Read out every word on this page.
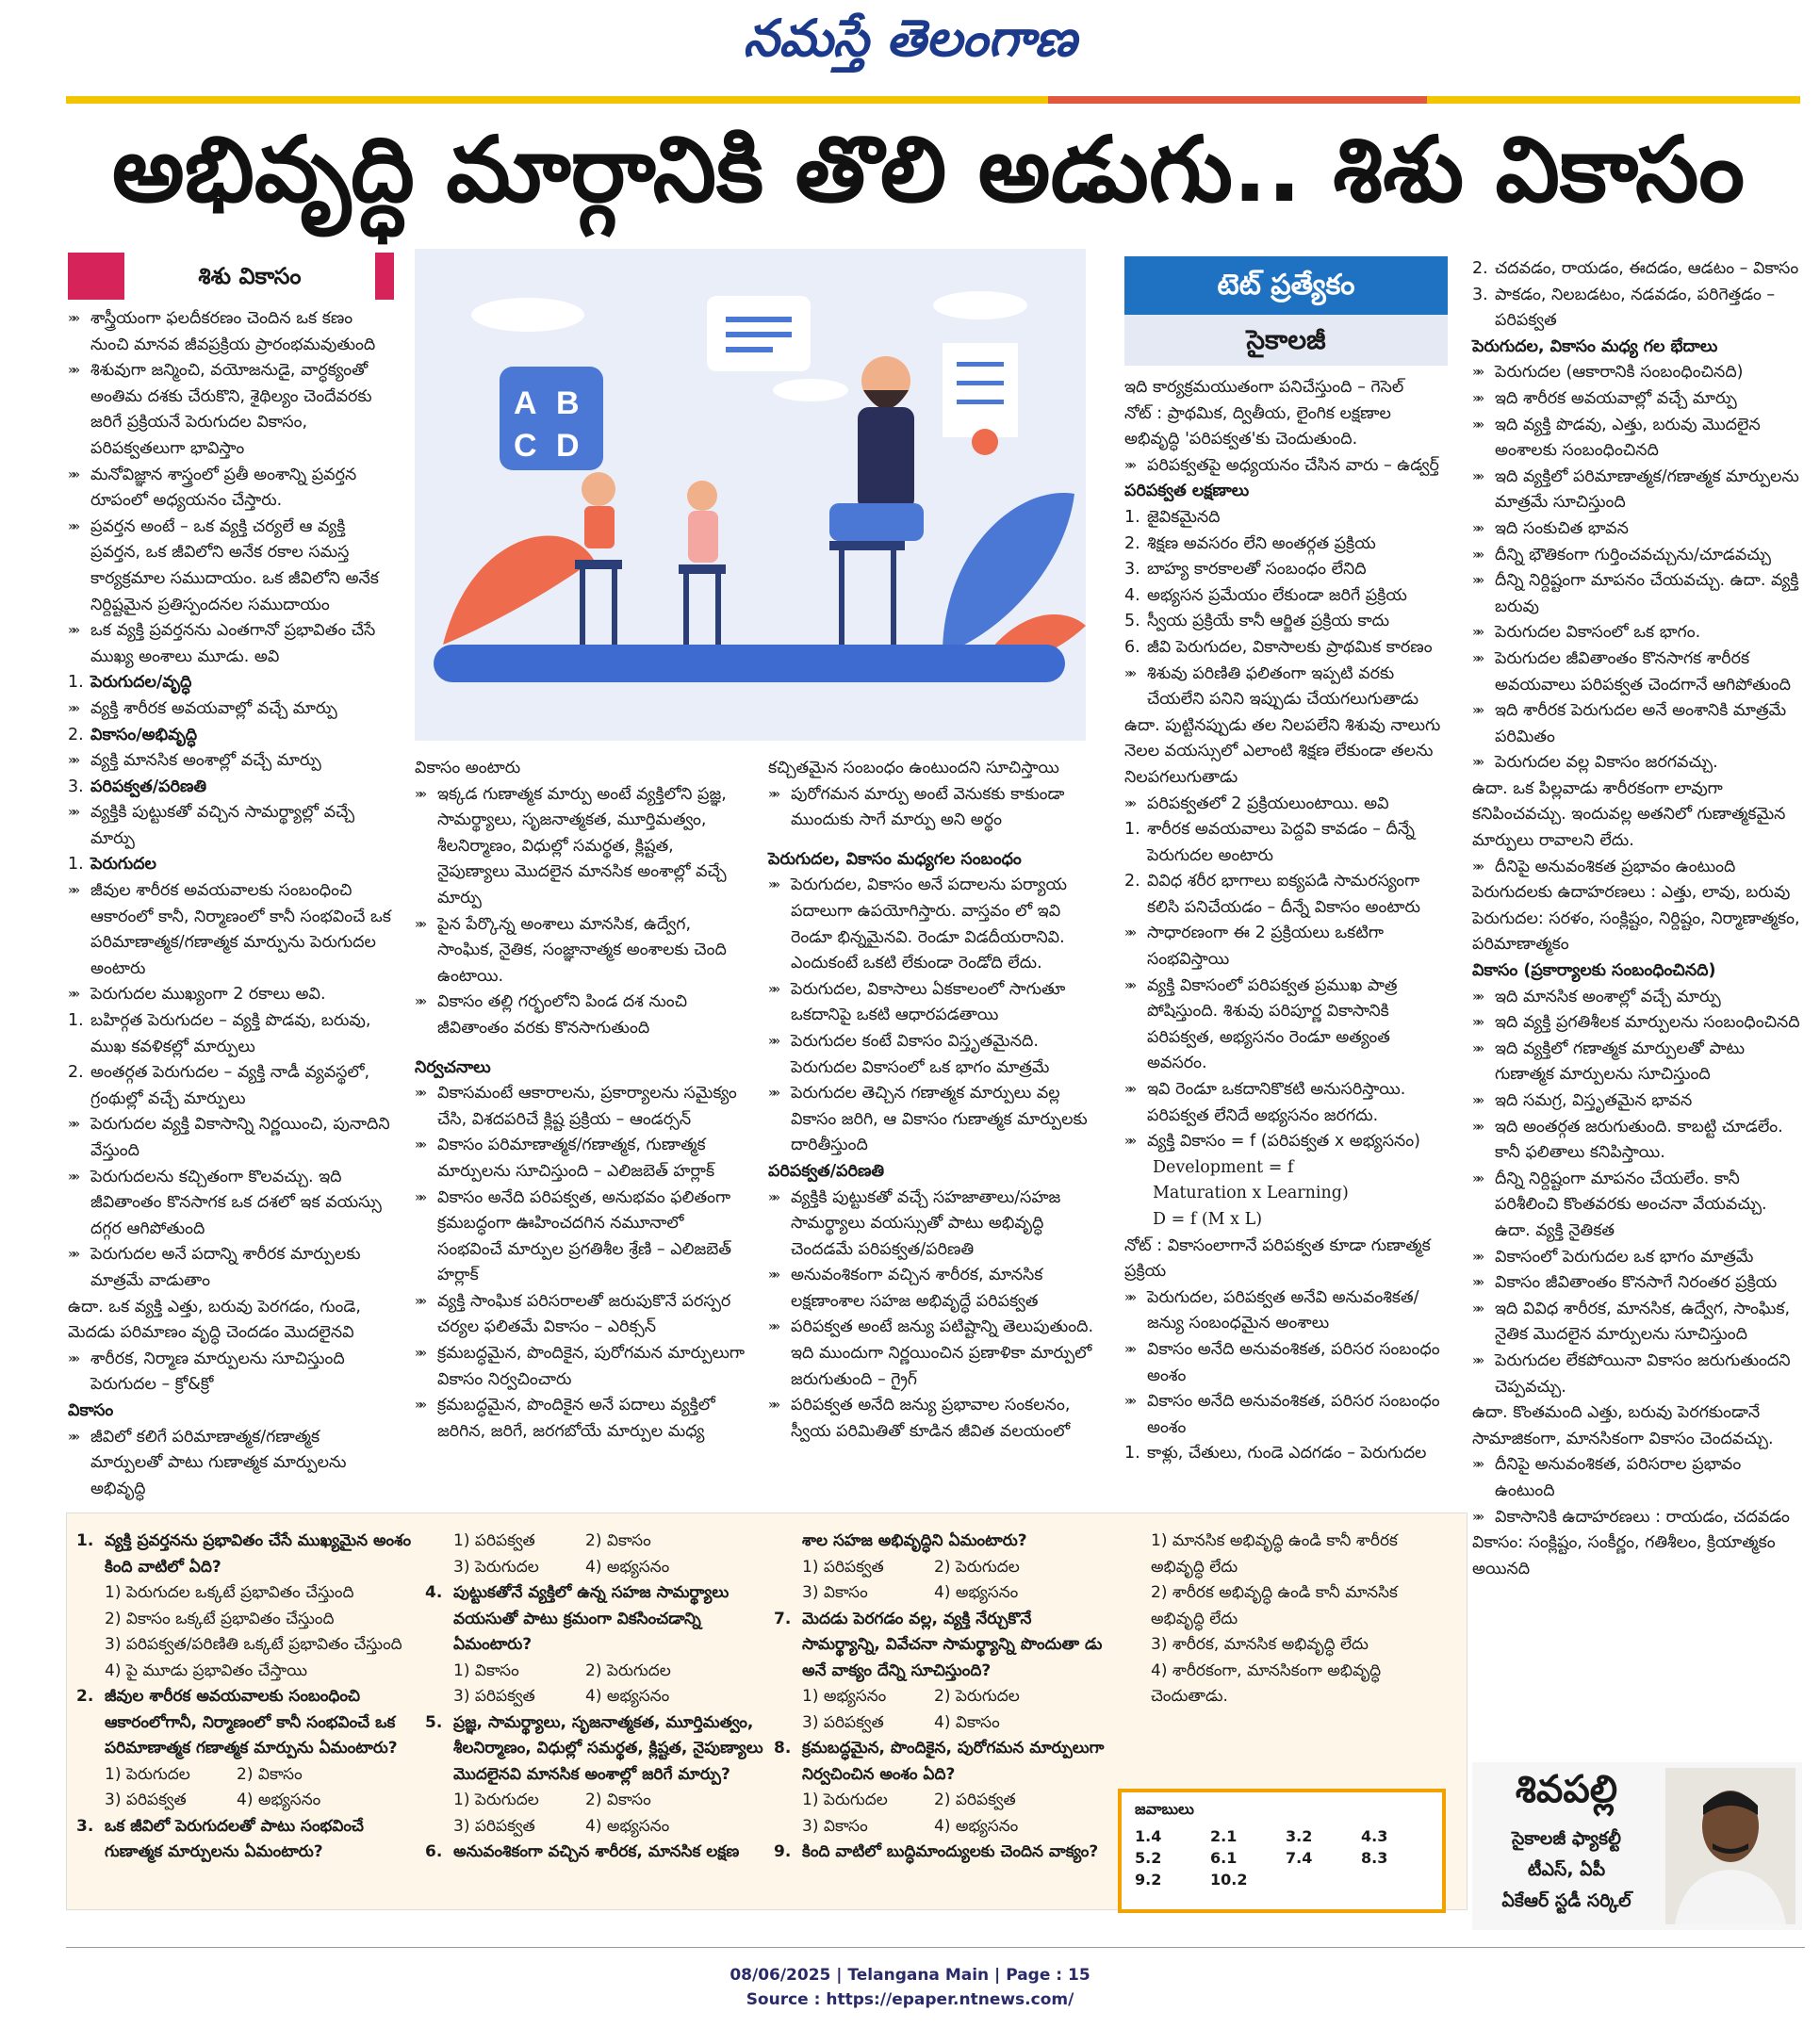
నమస్తే తెలంగాణ
అభివృద్ధి మార్గానికి తొలి అడుగు.. శిశు వికాసం
శిశు వికాసం	టెట్ ప్రత్యేకం
సైకాలజీ
A B
C D

»» శాస్త్రీయంగా ఫలదీకరణం చెందిన ఒక కణం నుంచి మానవ జీవప్రక్రియ ప్రారంభమవుతుంది

»» శిశువుగా జన్మించి, వయోజనుడై, వార్ధక్యంతో అంతిమ దశకు చేరుకొని, శైథిల్యం చెందేవరకు జరిగే ప్రక్రియనే పెరుగుదల వికాసం, పరిపక్వతలుగా భావిస్తాం

»» మనోవిజ్ఞాన శాస్త్రంలో ప్రతీ అంశాన్ని ప్రవర్తన రూపంలో అధ్యయనం చేస్తారు.

»» ప్రవర్తన అంటే – ఒక వ్యక్తి చర్యలే ఆ వ్యక్తి ప్రవర్తన, ఒక జీవిలోని అనేక రకాల సమస్త కార్యక్రమాల సముదాయం. ఒక జీవిలోని అనేక నిర్దిష్టమైన ప్రతిస్పందనల సముదాయం

»» ఒక వ్యక్తి ప్రవర్తనను ఎంతగానో ప్రభావితం చేసే ముఖ్య అంశాలు మూడు. అవి

1. పెరుగుదల/వృద్ధి

»» వ్యక్తి శారీరక అవయవాల్లో వచ్చే మార్పు

2. వికాసం/అభివృద్ధి

»» వ్యక్తి మానసిక అంశాల్లో వచ్చే మార్పు

3. పరిపక్వత/పరిణతి

»» వ్యక్తికి పుట్టుకతో వచ్చిన సామర్థ్యాల్లో వచ్చే మార్పు

1. పెరుగుదల

»» జీవుల శారీరక అవయవాలకు సంబంధించి ఆకారంలో కానీ, నిర్మాణంలో కానీ సంభవించే ఒక పరిమాణాత్మక/గణాత్మక మార్పును పెరుగుదల అంటారు

»» పెరుగుదల ముఖ్యంగా 2 రకాలు అవి.

1. బహిర్గత పెరుగుదల – వ్యక్తి పొడవు, బరువు, ముఖ కవళికల్లో మార్పులు

2. అంతర్గత పెరుగుదల – వ్యక్తి నాడీ వ్యవస్థలో, గ్రంథుల్లో వచ్చే మార్పులు

»» పెరుగుదల వ్యక్తి వికాసాన్ని నిర్ణయించి, పునాదిని వేస్తుంది

»» పెరుగుదలను కచ్చితంగా కొలవచ్చు. ఇది జీవితాంతం కొనసాగక ఒక దశలో ఇక వయస్సు దగ్గర ఆగిపోతుంది

»» పెరుగుదల అనే పదాన్ని శారీరక మార్పులకు మాత్రమే వాడుతాం

ఉదా. ఒక వ్యక్తి ఎత్తు, బరువు పెరగడం, గుండె, మెదడు పరిమాణం వృద్ధి చెందడం మొదలైనవి

»» శారీరక, నిర్మాణ మార్పులను సూచిస్తుంది పెరుగుదల – క్రో&క్రో

వికాసం

»» జీవిలో కలిగే పరిమాణాత్మక/గణాత్మక మార్పులతో పాటు గుణాత్మక మార్పులను అభివృద్ధి

వికాసం అంటారు

»» ఇక్కడ గుణాత్మక మార్పు అంటే వ్యక్తిలోని ప్రజ్ఞ, సామర్థ్యాలు, సృజనాత్మకత, మూర్తిమత్వం, శీలనిర్మాణం, విధుల్లో సమర్థత, క్లిష్టత, నైపుణ్యాలు మొదలైన మానసిక అంశాల్లో వచ్చే మార్పు

»» పైన పేర్కొన్న అంశాలు మానసిక, ఉద్వేగ, సాంఘిక, నైతిక, సంజ్ఞానాత్మక అంశాలకు చెంది ఉంటాయి.

»» వికాసం తల్లి గర్భంలోని పిండ దశ నుంచి జీవితాంతం వరకు కొనసాగుతుంది

నిర్వచనాలు

»» వికాసమంటే ఆకారాలను, ప్రకార్యాలను సమైక్యం చేసి, విశదపరిచే క్లిష్ట ప్రక్రియ – ఆండర్సన్

»» వికాసం పరిమాణాత్మక/గణాత్మక, గుణాత్మక మార్పులను సూచిస్తుంది – ఎలిజబెత్ హర్లాక్

»» వికాసం అనేది పరిపక్వత, అనుభవం ఫలితంగా క్రమబద్ధంగా ఊహించదగిన నమూనాలో సంభవించే మార్పుల ప్రగతిశీల శ్రేణి – ఎలిజబెత్ హర్లాక్

»» వ్యక్తి సాంఘిక పరిసరాలతో జరుపుకొనే పరస్పర చర్యల ఫలితమే వికాసం – ఎరిక్సన్

»» క్రమబద్ధమైన, పొందికైన, పురోగమన మార్పులుగా వికాసం నిర్వచించారు

»» క్రమబద్ధమైన, పొందికైన అనే పదాలు వ్యక్తిలో జరిగిన, జరిగే, జరగబోయే మార్పుల మధ్య

కచ్చితమైన సంబంధం ఉంటుందని సూచిస్తాయి

»» పురోగమన మార్పు అంటే వెనుకకు కాకుండా ముందుకు సాగే మార్పు అని అర్థం

పెరుగుదల, వికాసం మధ్యగల సంబంధం

»» పెరుగుదల, వికాసం అనే పదాలను పర్యాయ పదాలుగా ఉపయోగిస్తారు. వాస్తవం లో ఇవి రెండూ భిన్నమైనవి. రెండూ విడదీయరానివి. ఎందుకంటే ఒకటి లేకుండా రెండోది లేదు.

»» పెరుగుదల, వికాసాలు ఏకకాలంలో సాగుతూ ఒకదానిపై ఒకటి ఆధారపడతాయి

»» పెరుగుదల కంటే వికాసం విస్తృతమైనది. పెరుగుదల వికాసంలో ఒక భాగం మాత్రమే

»» పెరుగుదల తెచ్చిన గణాత్మక మార్పులు వల్ల వికాసం జరిగి, ఆ వికాసం గుణాత్మక మార్పులకు దారితీస్తుంది

పరిపక్వత/పరిణతి

»» వ్యక్తికి పుట్టుకతో వచ్చే సహజాతాలు/సహజ సామర్థ్యాలు వయస్సుతో పాటు అభివృద్ధి చెందడమే పరిపక్వత/పరిణతి

»» అనువంశికంగా వచ్చిన శారీరక, మానసిక లక్షణాంశాల సహజ అభివృద్ధే పరిపక్వత

»» పరిపక్వత అంటే జన్యు పటిష్టాన్ని తెలుపుతుంది. ఇది ముందుగా నిర్ణయించిన ప్రణాళికా మార్పులో జరుగుతుంది – గ్రైగ్

»» పరిపక్వత అనేది జన్యు ప్రభావాల సంకలనం, స్వీయ పరిమితితో కూడిన జీవిత వలయంలో

ఇది కార్యక్రమయుతంగా పనిచేస్తుంది – గెసెల్

నోట్ : ప్రాథమిక, ద్వితీయ, లైంగిక లక్షణాల అభివృద్ధి 'పరిపక్వత'కు చెందుతుంది.

»» పరిపక్వతపై అధ్యయనం చేసిన వారు – ఉడ్వర్త్

పరిపక్వత లక్షణాలు

1. జైవికమైనది

2. శిక్షణ అవసరం లేని అంతర్గత ప్రక్రియ

3. బాహ్య కారకాలతో సంబంధం లేనిది

4. అభ్యసన ప్రమేయం లేకుండా జరిగే ప్రక్రియ

5. స్వీయ ప్రక్రియే కానీ ఆర్జిత ప్రక్రియ కాదు

6. జీవి పెరుగుదల, వికాసాలకు ప్రాథమిక కారణం

»» శిశువు పరిణితి ఫలితంగా ఇప్పటి వరకు చేయలేని పనిని ఇప్పుడు చేయగలుగుతాడు

ఉదా. పుట్టినప్పుడు తల నిలపలేని శిశువు నాలుగు నెలల వయస్సులో ఎలాంటి శిక్షణ లేకుండా తలను నిలపగలుగుతాడు

»» పరిపక్వతలో 2 ప్రక్రియలుంటాయి. అవి

1. శారీరక అవయవాలు పెద్దవి కావడం – దీన్నే పెరుగుదల అంటారు

2. వివిధ శరీర భాగాలు ఐక్యపడి సామరస్యంగా కలిసి పనిచేయడం – దీన్నే వికాసం అంటారు

»» సాధారణంగా ఈ 2 ప్రక్రియలు ఒకటిగా సంభవిస్తాయి

»» వ్యక్తి వికాసంలో పరిపక్వత ప్రముఖ పాత్ర పోషిస్తుంది. శిశువు పరిపూర్ణ వికాసానికి పరిపక్వత, అభ్యసనం రెండూ అత్యంత అవసరం.

»» ఇవి రెండూ ఒకదానికొకటి అనుసరిస్తాయి. పరిపక్వత లేనిదే అభ్యసనం జరగదు.

»» వ్యక్తి వికాసం = f (పరిపక్వత x అభ్యసనం)

Development = f

Maturation x Learning)

D = f (M x L)

నోట్ : వికాసంలాగానే పరిపక్వత కూడా గుణాత్మక ప్రక్రియ

»» పెరుగుదల, పరిపక్వత అనేవి అనువంశికత/జన్యు సంబంధమైన అంశాలు

»» వికాసం అనేది అనువంశికత, పరిసర సంబంధం అంశం

»» వికాసం అనేది అనువంశికత, పరిసర సంబంధం అంశం

1. కాళ్లు, చేతులు, గుండె ఎదగడం – పెరుగుదల

2. చదవడం, రాయడం, ఈదడం, ఆడటం – వికాసం

3. పాకడం, నిలబడటం, నడవడం, పరిగెత్తడం – పరిపక్వత

పెరుగుదల, వికాసం మధ్య గల భేదాలు

»» పెరుగుదల (ఆకారానికి సంబంధించినది)

»» ఇది శారీరక అవయవాల్లో వచ్చే మార్పు

»» ఇది వ్యక్తి పొడవు, ఎత్తు, బరువు మొదలైన అంశాలకు సంబంధించినది

»» ఇది వ్యక్తిలో పరిమాణాత్మక/గణాత్మక మార్పులను మాత్రమే సూచిస్తుంది

»» ఇది సంకుచిత భావన

»» దీన్ని భౌతికంగా గుర్తించవచ్చును/చూడవచ్చు

»» దీన్ని నిర్దిష్టంగా మాపనం చేయవచ్చు. ఉదా. వ్యక్తి బరువు

»» పెరుగుదల వికాసంలో ఒక భాగం.

»» పెరుగుదల జీవితాంతం కొనసాగక శారీరక అవయవాలు పరిపక్వత చెందగానే ఆగిపోతుంది

»» ఇది శారీరక పెరుగుదల అనే అంశానికి మాత్రమే పరిమితం

»» పెరుగుదల వల్ల వికాసం జరగవచ్చు.

ఉదా. ఒక పిల్లవాడు శారీరకంగా లావుగా కనిపించవచ్చు. ఇందువల్ల అతనిలో గుణాత్మకమైన మార్పులు రావాలని లేదు.

»» దీనిపై అనువంశికత ప్రభావం ఉంటుంది

పెరుగుదలకు ఉదాహరణలు : ఎత్తు, లావు, బరువు

పెరుగుదల: సరళం, సంక్లిష్టం, నిర్దిష్టం, నిర్మాణాత్మకం, పరిమాణాత్మకం

వికాసం (ప్రకార్యాలకు సంబంధించినది)

»» ఇది మానసిక అంశాల్లో వచ్చే మార్పు

»» ఇది వ్యక్తి ప్రగతిశీలక మార్పులను సంబంధించినది

»» ఇది వ్యక్తిలో గణాత్మక మార్పులతో పాటు గుణాత్మక మార్పులను సూచిస్తుంది

»» ఇది సమగ్ర, విస్తృతమైన భావన

»» ఇది అంతర్గత జరుగుతుంది. కాబట్టి చూడలేం. కానీ ఫలితాలు కనిపిస్తాయి.

»» దీన్ని నిర్దిష్టంగా మాపనం చేయలేం. కానీ పరిశీలించి కొంతవరకు అంచనా వేయవచ్చు. ఉదా. వ్యక్తి నైతికత

»» వికాసంలో పెరుగుదల ఒక భాగం మాత్రమే

»» వికాసం జీవితాంతం కొనసాగే నిరంతర ప్రక్రియ

»» ఇది వివిధ శారీరక, మానసిక, ఉద్వేగ, సాంఘిక, నైతిక మొదలైన మార్పులను సూచిస్తుంది

»» పెరుగుదల లేకపోయినా వికాసం జరుగుతుందని చెప్పవచ్చు.

ఉదా. కొంతమంది ఎత్తు, బరువు పెరగకుండానే సామాజికంగా, మానసికంగా వికాసం చెందవచ్చు.

»» దీనిపై అనువంశికత, పరిసరాల ప్రభావం ఉంటుంది

»» వికాసానికి ఉదాహరణలు : రాయడం, చదవడం

వికాసం: సంక్లిష్టం, సంకీర్ణం, గతిశీలం, క్రియాత్మకం అయినది

1. వ్యక్తి ప్రవర్తనను ప్రభావితం చేసే ముఖ్యమైన అంశం కింది వాటిలో ఏది?

1) పెరుగుదల ఒక్కటే ప్రభావితం చేస్తుంది

2) వికాసం ఒక్కటే ప్రభావితం చేస్తుంది

3) పరిపక్వత/పరిణితి ఒక్కటే ప్రభావితం చేస్తుంది

4) పై మూడు ప్రభావితం చేస్తాయి

2. జీవుల శారీరక అవయవాలకు సంబంధించి ఆకారంలోగానీ, నిర్మాణంలో కానీ సంభవించే ఒక పరిమాణాత్మక గణాత్మక మార్పును ఏమంటారు?

1) పెరుగుదల	2) వికాసం

3) పరిపక్వత	4) అభ్యసనం

3. ఒక జీవిలో పెరుగుదలతో పాటు సంభవించే గుణాత్మక మార్పులను ఏమంటారు?

1) పరిపక్వత	2) వికాసం

3) పెరుగుదల	4) అభ్యసనం

4. పుట్టుకతోనే వ్యక్తిలో ఉన్న సహజ సామర్థ్యాలు వయసుతో పాటు క్రమంగా వికసించడాన్ని ఏమంటారు?

1) వికాసం	2) పెరుగుదల

3) పరిపక్వత	4) అభ్యసనం

5. ప్రజ్ఞ, సామర్థ్యాలు, సృజనాత్మకత, మూర్తిమత్వం, శీలనిర్మాణం, విధుల్లో సమర్థత, క్లిష్టత, నైపుణ్యాలు మొదలైనవి మానసిక అంశాల్లో జరిగే మార్పు?

1) పెరుగుదల	2) వికాసం

3) పరిపక్వత	4) అభ్యసనం

6. అనువంశికంగా వచ్చిన శారీరక, మానసిక లక్షణ

శాల సహజ అభివృద్ధిని ఏమంటారు?

1) పరిపక్వత	2) పెరుగుదల

3) వికాసం	4) అభ్యసనం

7. మెదడు పెరగడం వల్ల, వ్యక్తి నేర్చుకొనే సామర్థ్యాన్ని, వివేచనా సామర్థ్యాన్ని పొందుతా డు అనే వాక్యం దేన్ని సూచిస్తుంది?

1) అభ్యసనం	2) పెరుగుదల

3) పరిపక్వత	4) వికాసం

8. క్రమబద్ధమైన, పొందికైన, పురోగమన మార్పులుగా నిర్వచించిన అంశం ఏది?

1) పెరుగుదల	2) పరిపక్వత

3) వికాసం	4) అభ్యసనం

9. కింది వాటిలో బుద్ధిమాంద్యులకు చెందిన వాక్యం?

1) మానసిక అభివృద్ధి ఉండి కానీ శారీరక అభివృద్ధి లేదు

2) శారీరక అభివృద్ధి ఉండి కానీ మానసిక అభివృద్ధి లేదు

3) శారీరక, మానసిక అభివృద్ధి లేదు

4) శారీరకంగా, మానసికంగా అభివృద్ధి చెందుతాడు.

జవాబులు
1.4	2.1	3.2	4.3
5.2	6.1	7.4	8.3
9.2	10.2
శివపల్లి
సైకాలజీ ఫ్యాకల్టీ
టీఎస్, ఏపీ
ఏకేఆర్ స్టడీ సర్కిల్
08/06/2025 | Telangana Main | Page : 15
Source : https://epaper.ntnews.com/
